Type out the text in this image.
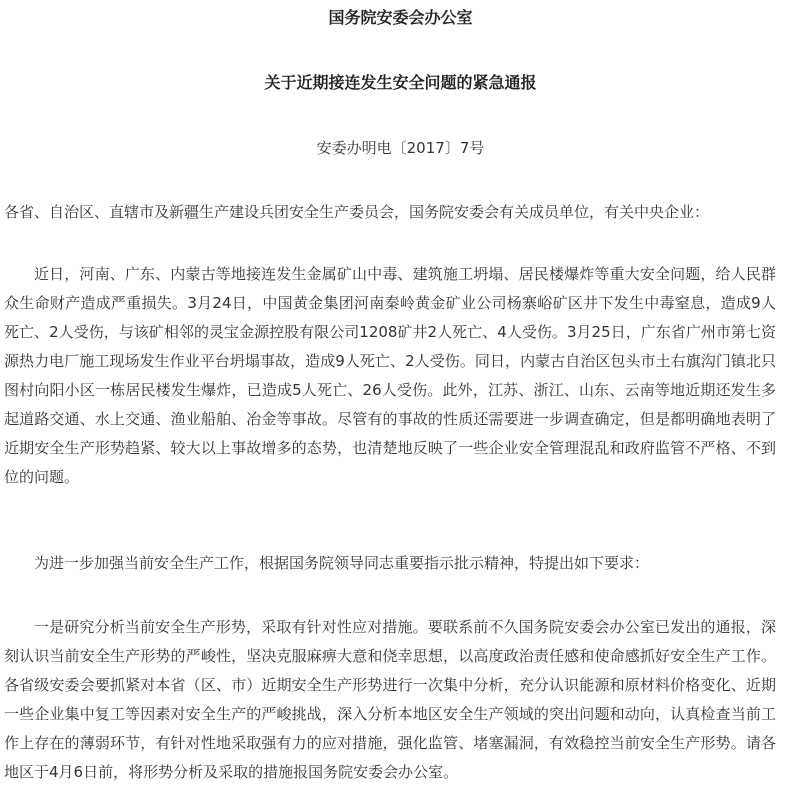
国务院安委会办公室
关于近期接连发生安全问题的紧急通报
安委办明电〔2017〕7号

各省、自治区、直辖市及新疆生产建设兵团安全生产委员会，国务院安委会有关成员单位，有关中央企业：

近日，河南、广东、内蒙古等地接连发生金属矿山中毒、建筑施工坍塌、居民楼爆炸等重大安全问题，给人民群众生命财产造成严重损失。3月24日，中国黄金集团河南秦岭黄金矿业公司杨寨峪矿区井下发生中毒窒息，造成9人死亡、2人受伤，与该矿相邻的灵宝金源控股有限公司1208矿井2人死亡、4人受伤。3月25日，广东省广州市第七资源热力电厂施工现场发生作业平台坍塌事故，造成9人死亡、2人受伤。同日，内蒙古自治区包头市土右旗沟门镇北只图村向阳小区一栋居民楼发生爆炸，已造成5人死亡、26人受伤。此外，江苏、浙江、山东、云南等地近期还发生多起道路交通、水上交通、渔业船舶、冶金等事故。尽管有的事故的性质还需要进一步调查确定，但是都明确地表明了近期安全生产形势趋紧、较大以上事故增多的态势，也清楚地反映了一些企业安全管理混乱和政府监管不严格、不到位的问题。

为进一步加强当前安全生产工作，根据国务院领导同志重要指示批示精神，特提出如下要求：

一是研究分析当前安全生产形势，采取有针对性应对措施。要联系前不久国务院安委会办公室已发出的通报，深刻认识当前安全生产形势的严峻性，坚决克服麻痹大意和侥幸思想，以高度政治责任感和使命感抓好安全生产工作。各省级安委会要抓紧对本省（区、市）近期安全生产形势进行一次集中分析，充分认识能源和原材料价格变化、近期一些企业集中复工等因素对安全生产的严峻挑战，深入分析本地区安全生产领域的突出问题和动向，认真检查当前工作上存在的薄弱环节，有针对性地采取强有力的应对措施，强化监管、堵塞漏洞，有效稳控当前安全生产形势。请各地区于4月6日前，将形势分析及采取的措施报国务院安委会办公室。
